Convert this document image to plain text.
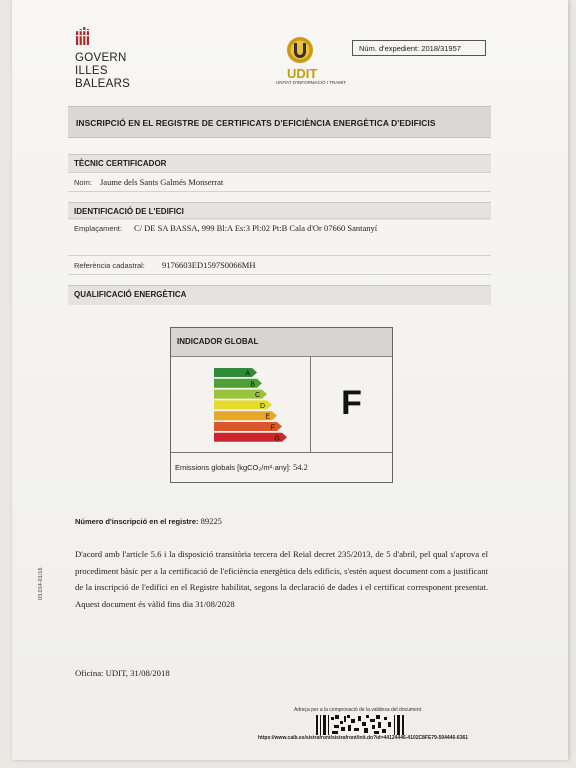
GOVERN
ILLES
BALEARS
UDIT
UNITAT D'INFORMACIÓ I TRAMIT
Núm. d'expedient: 2018/31957
INSCRIPCIÓ EN EL REGISTRE DE CERTIFICATS D'EFICIÈNCIA ENERGÈTICA D'EDIFICIS
TÈCNIC CERTIFICADOR
Nom: Jaume dels Sants Galmés Monserrat
IDENTIFICACIÓ DE L'EDIFICI
Emplaçament: C/ DE SA BASSA, 999 Bl:A Es:3 Pl:02 Pt:B Cala d'Or 07660 Santanyí
Referència cadastral: 9176603ED1597S0066MH
QUALIFICACIÓ ENERGÈTICA
INDICADOR GLOBAL
A
B
C
D
E
F
G
F
Emissions globals [kgCO₂/m²·any]: 54.2
Número d'inscripció en el registre: 89225
D'acord amb l'article 5.6 i la disposició transitòria tercera del Reial decret 235/2013, de 5 d'abril, pel qual s'aprova el procediment bàsic per a la certificació de l'eficiència energètica dels edificis, s'estén aquest document com a justificant de la inscripció de l'edifici en el Registre habilitat, segons la declaració de dades i el certificat corresponent presentat. Aquest document és vàlid fins dia 31/08/2028
03.014-01/16
Oficina: UDIT, 31/08/2018
Adreça per a la comprovació de la validesa del document
https://www.caib.es/sistrafront/sistrafront/init.do?id=44124446-4102C8FE79-504446-6361
